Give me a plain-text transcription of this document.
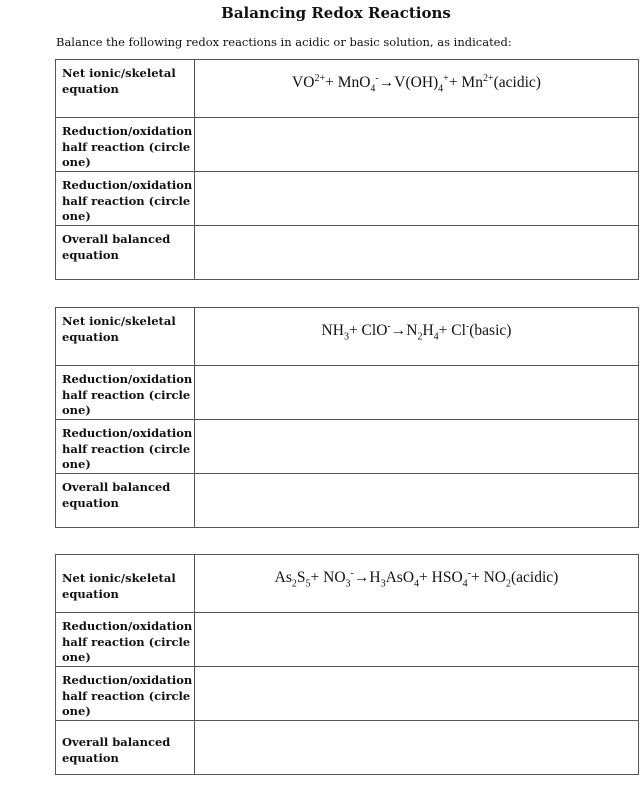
Balancing Redox Reactions
Balance the following redox reactions in acidic or basic solution, as indicated:
Net ionic/skeletal equation	$VO^{2+}+ MnO_4^-\to V(OH)_4^++$ $Mn^{2+}(acidic)$
Reduction/oxidation half reaction (circle one)	
Reduction/oxidation half reaction (circle one)	
Overall balanced equation	
Net ionic/skeletal equation	$NH_3+ ClO^-\to N_2H_4+$ Cl-(basic)
Reduction/oxidation half reaction (circle one)	
Reduction/oxidation half reaction (circle one)	
Overall balanced equation	
Net ionic/skeletal equation	$As_2S_5+ NO_3^-\to H_3AsO_4+ HSO_4^-+$ $NO_2(acidic)$
Reduction/oxidation half reaction (circle one)	
Reduction/oxidation half reaction (circle one)	
Overall balanced equation	
